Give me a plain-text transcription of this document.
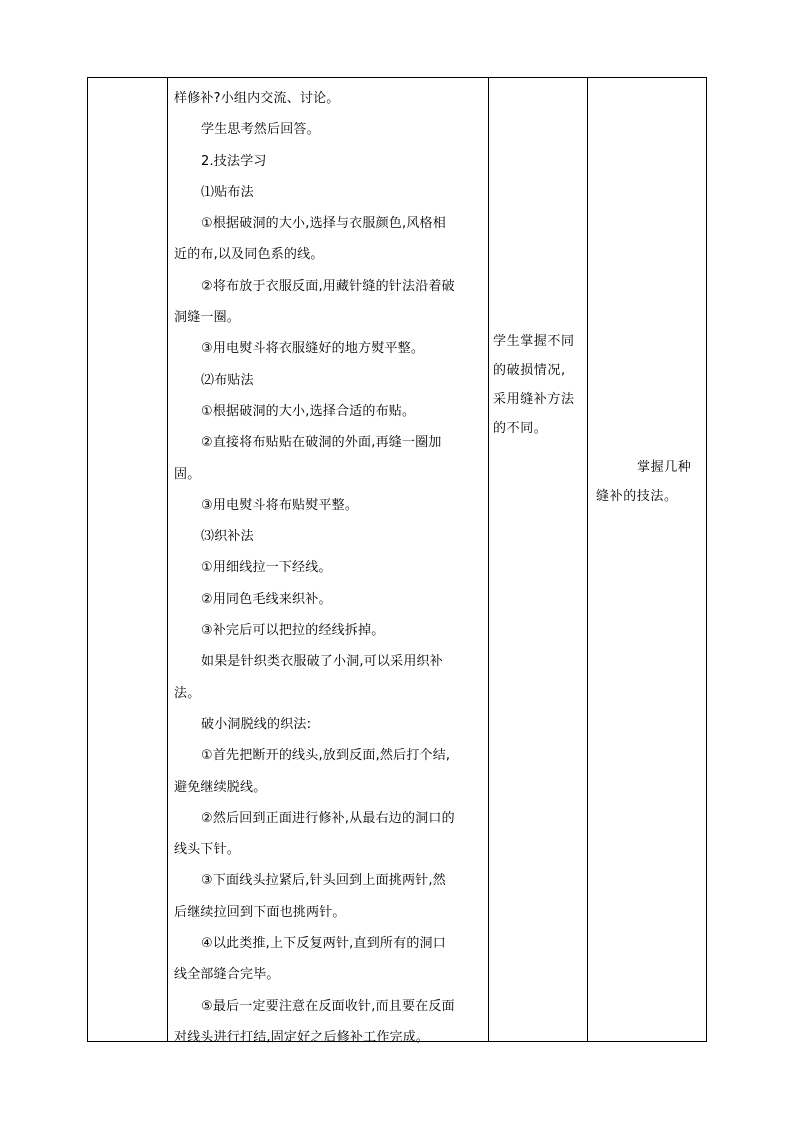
样修补?小组内交流、讨论。

学生思考然后回答。

2.技法学习

⑴贴布法

①根据破洞的大小,选择与衣服颜色,风格相

近的布,以及同色系的线。

②将布放于衣服反面,用藏针缝的针法沿着破

洞缝一圈。

③用电熨斗将衣服缝好的地方熨平整。

⑵布贴法

①根据破洞的大小,选择合适的布贴。

②直接将布贴贴在破洞的外面,再缝一圈加

固。

③用电熨斗将布贴熨平整。

⑶织补法

①用细线拉一下经线。

②用同色毛线来织补。

③补完后可以把拉的经线拆掉。

如果是针织类衣服破了小洞,可以采用织补

法。

破小洞脱线的织法:

①首先把断开的线头,放到反面,然后打个结,

避免继续脱线。

②然后回到正面进行修补,从最右边的洞口的

线头下针。

③下面线头拉紧后,针头回到上面挑两针,然

后继续拉回到下面也挑两针。

④以此类推,上下反复两针,直到所有的洞口

线全部缝合完毕。

⑤最后一定要注意在反面收针,而且要在反面

对线头进行打结,固定好之后修补工作完成。

学生掌握不同

的破损情况,

采用缝补方法

的不同。

掌握几种

缝补的技法。
